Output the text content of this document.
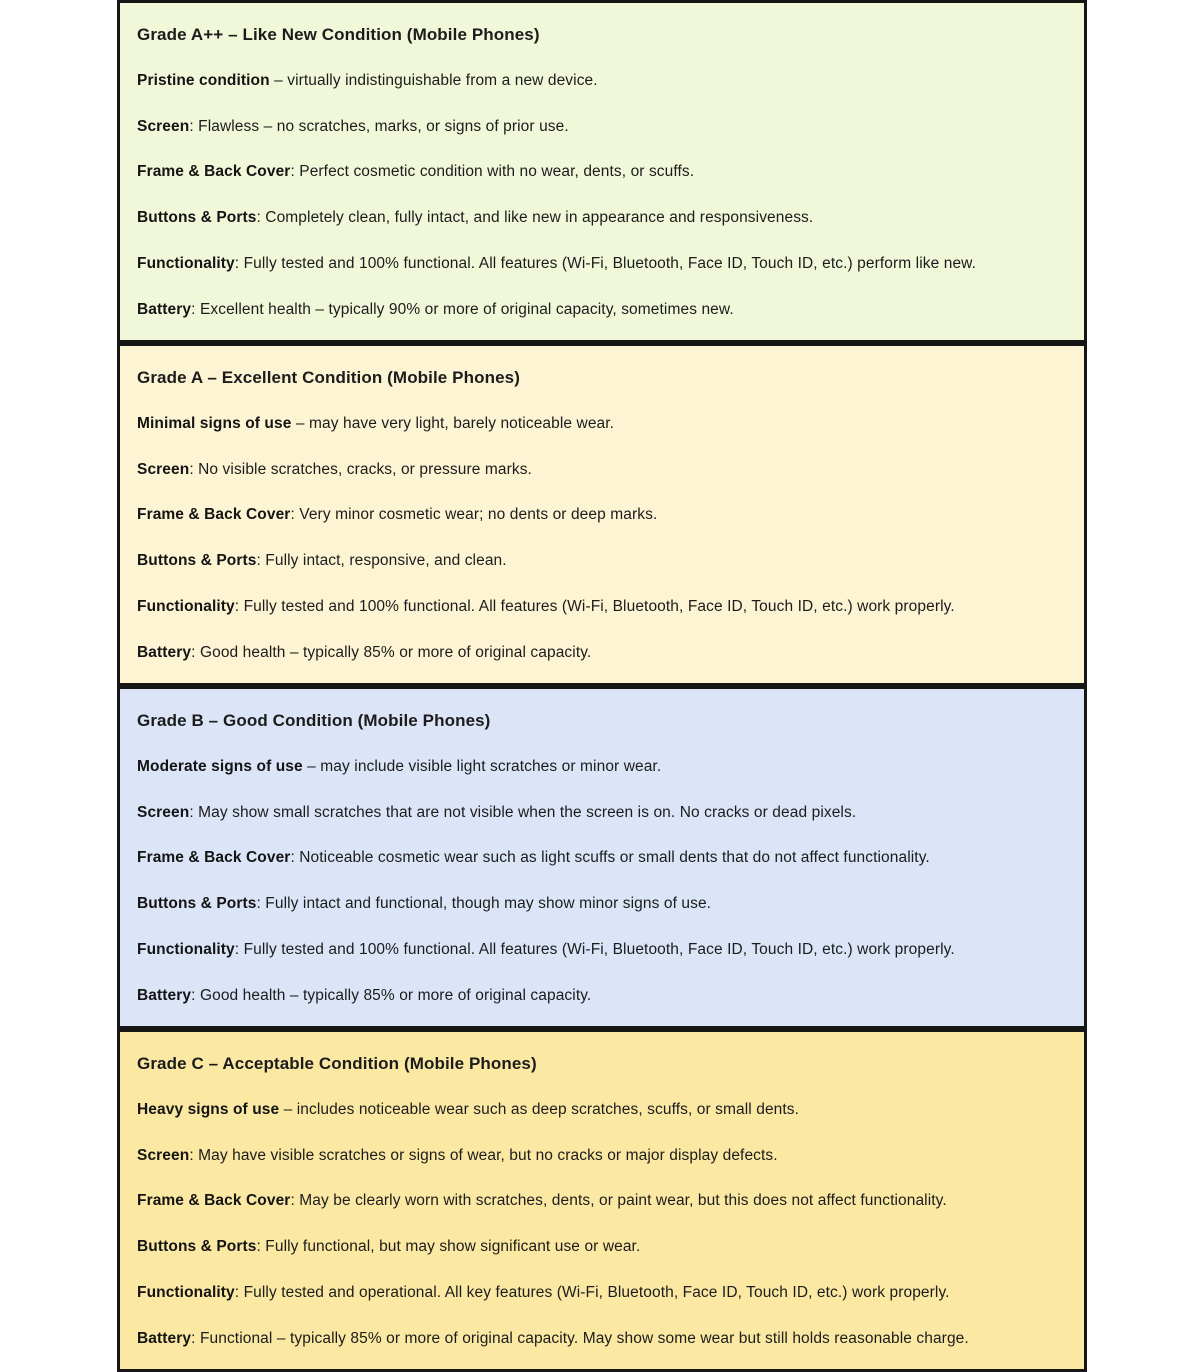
Grade A++ – Like New Condition (Mobile Phones)
Pristine condition – virtually indistinguishable from a new device.
Screen: Flawless – no scratches, marks, or signs of prior use.
Frame & Back Cover: Perfect cosmetic condition with no wear, dents, or scuffs.
Buttons & Ports: Completely clean, fully intact, and like new in appearance and responsiveness.
Functionality: Fully tested and 100% functional. All features (Wi-Fi, Bluetooth, Face ID, Touch ID, etc.) perform like new.
Battery: Excellent health – typically 90% or more of original capacity, sometimes new.
Grade A – Excellent Condition (Mobile Phones)
Minimal signs of use – may have very light, barely noticeable wear.
Screen: No visible scratches, cracks, or pressure marks.
Frame & Back Cover: Very minor cosmetic wear; no dents or deep marks.
Buttons & Ports: Fully intact, responsive, and clean.
Functionality: Fully tested and 100% functional. All features (Wi-Fi, Bluetooth, Face ID, Touch ID, etc.) work properly.
Battery: Good health – typically 85% or more of original capacity.
Grade B – Good Condition (Mobile Phones)
Moderate signs of use – may include visible light scratches or minor wear.
Screen: May show small scratches that are not visible when the screen is on. No cracks or dead pixels.
Frame & Back Cover: Noticeable cosmetic wear such as light scuffs or small dents that do not affect functionality.
Buttons & Ports: Fully intact and functional, though may show minor signs of use.
Functionality: Fully tested and 100% functional. All features (Wi-Fi, Bluetooth, Face ID, Touch ID, etc.) work properly.
Battery: Good health – typically 85% or more of original capacity.
Grade C – Acceptable Condition (Mobile Phones)
Heavy signs of use – includes noticeable wear such as deep scratches, scuffs, or small dents.
Screen: May have visible scratches or signs of wear, but no cracks or major display defects.
Frame & Back Cover: May be clearly worn with scratches, dents, or paint wear, but this does not affect functionality.
Buttons & Ports: Fully functional, but may show significant use or wear.
Functionality: Fully tested and operational. All key features (Wi-Fi, Bluetooth, Face ID, Touch ID, etc.) work properly.
Battery: Functional – typically 85% or more of original capacity. May show some wear but still holds reasonable charge.
